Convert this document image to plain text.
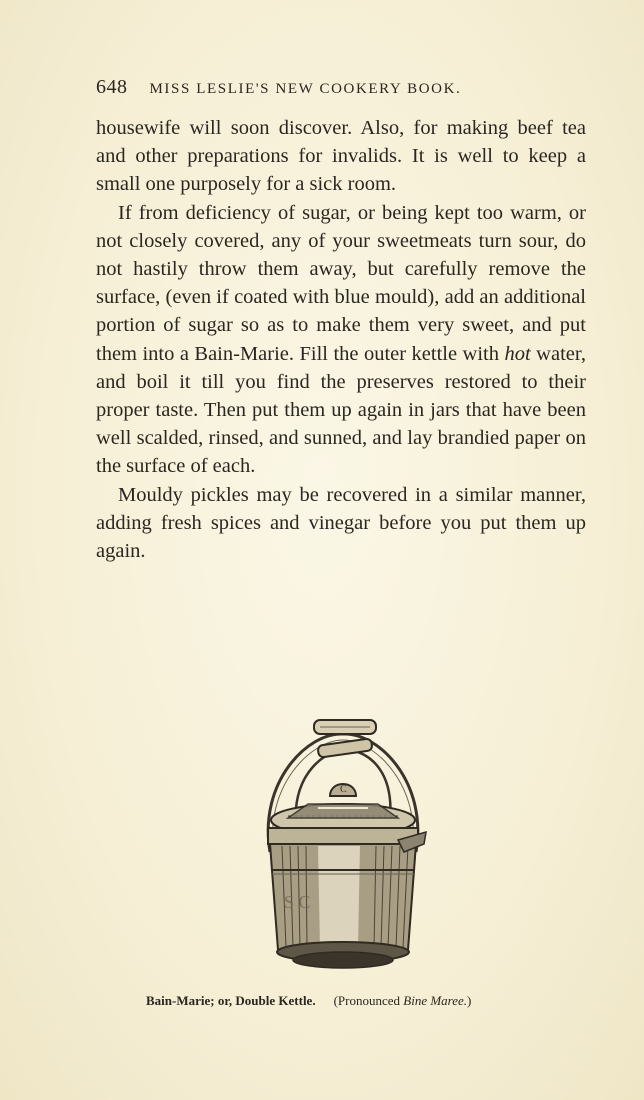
648 MISS LESLIE'S NEW COOKERY BOOK.

housewife will soon discover. Also, for making beef tea and other preparations for invalids. It is well to keep a small one purposely for a sick room.

If from deficiency of sugar, or being kept too warm, or not closely covered, any of your sweetmeats turn sour, do not hastily throw them away, but carefully remove the surface, (even if coated with blue mould), add an additional portion of sugar so as to make them very sweet, and put them into a Bain-Marie. Fill the outer kettle with hot water, and boil it till you find the preserves restored to their proper taste. Then put them up again in jars that have been well scalded, rinsed, and sunned, and lay brandied paper on the surface of each.

Mouldy pickles may be recovered in a similar manner, adding fresh spices and vinegar before you put them up again.

C
S C
Bain-Marie; or, Double Kettle. (Pronounced Bine Maree.)
